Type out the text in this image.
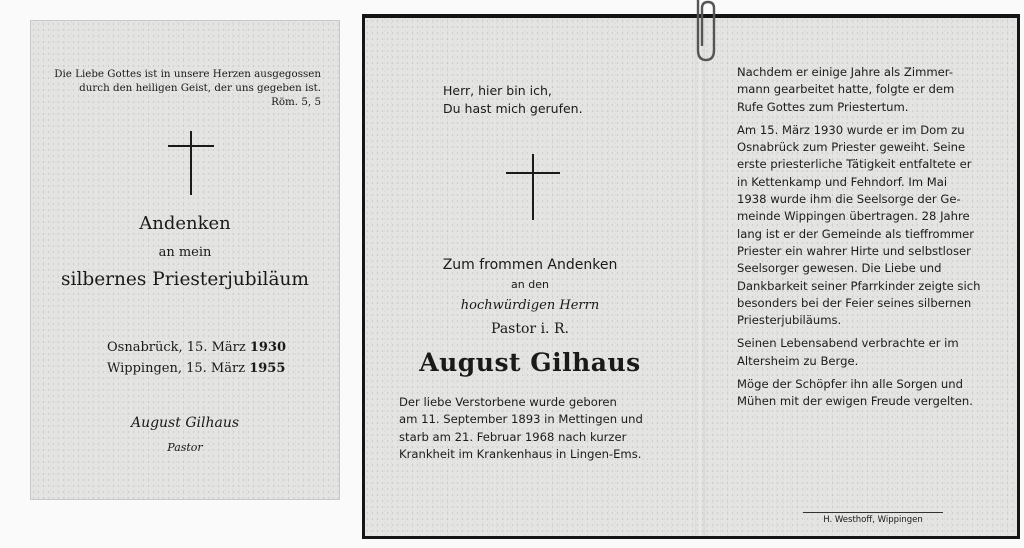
Die Liebe Gottes ist in unsere Herzen ausgegossen
durch den heiligen Geist, der uns gegeben ist.
Röm. 5, 5
Andenken
an mein
silbernes Priesterjubiläum
Osnabrück, 15. März 1930
Wippingen, 15. März 1955
August Gilhaus
Pastor
Herr, hier bin ich,
Du hast mich gerufen.
Zum frommen Andenken
an den
hochwürdigen Herrn
Pastor i. R.
August Gilhaus
Der liebe Verstorbene wurde geboren
am 11. September 1893 in Mettingen und
starb am 21. Februar 1968 nach kurzer
Krankheit im Krankenhaus in Lingen-Ems.
Nachdem er einige Jahre als Zimmer-
mann gearbeitet hatte, folgte er dem
Rufe Gottes zum Priestertum.
Am 15. März 1930 wurde er im Dom zu
Osnabrück zum Priester geweiht. Seine
erste priesterliche Tätigkeit entfaltete er
in Kettenkamp und Fehndorf. Im Mai
1938 wurde ihm die Seelsorge der Ge-
meinde Wippingen übertragen. 28 Jahre
lang ist er der Gemeinde als tieffrommer
Priester ein wahrer Hirte und selbstloser
Seelsorger gewesen. Die Liebe und
Dankbarkeit seiner Pfarrkinder zeigte sich
besonders bei der Feier seines silbernen
Priesterjubiläums.
Seinen Lebensabend verbrachte er im
Altersheim zu Berge.
Möge der Schöpfer ihn alle Sorgen und
Mühen mit der ewigen Freude vergelten.
H. Westhoff, Wippingen
